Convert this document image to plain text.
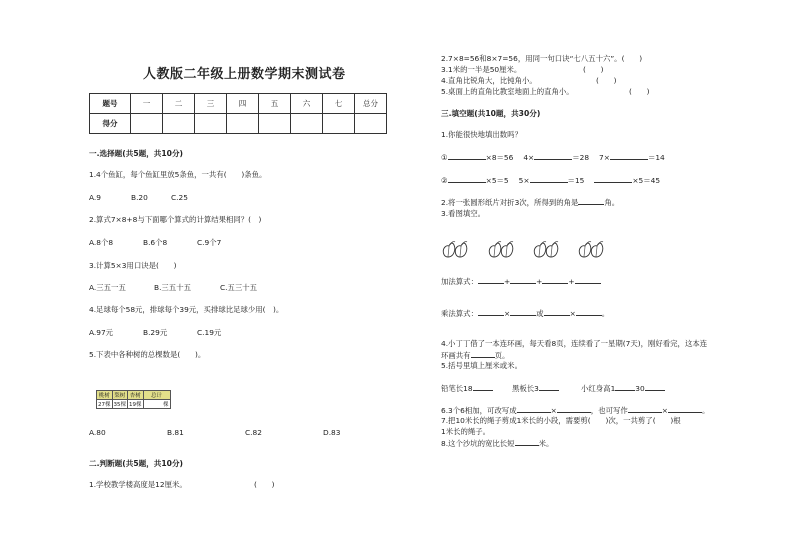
人教版二年级上册数学期末测试卷
题号	一	二	三	四	五	六	七	总分
得分								
一.选择题(共5题，共10分)
1.4个鱼缸，每个鱼缸里放5条鱼，一共有(　　)条鱼。
A.9	B.20	C.25
2.算式7×8+8与下面哪个算式的计算结果相同？(　)
A.8个8	B.6个8	C.9个7
3.计算5×3用口诀是(　　)
A.三五一五	B.三五十五	C.五三十五
4.足球每个58元，排球每个39元，买排球比足球少用(　)。
A.97元	B.29元	C.19元
5.下表中各种树的总棵数是(　　)。
桃树	梨树	杏树	总计
27棵	35棵	19棵	棵
A.80	B.81	C.82	D.83
二.判断题(共5题，共10分)
1.学校教学楼高度是12厘米。	(　　)
2.7×8=56和8×7=56，用同一句口诀“七八五十六”。(　　)
3.1米的一半是50厘米。	(　　)
4.直角比锐角大，比钝角小。	(　　)
5.桌面上的直角比教室地面上的直角小。	(　　)
三.填空题(共10题，共30分)
1.你能很快地填出数吗？
①	×8＝56 4×	＝28 7×	＝14
②	×5＝5 5×	＝15	×5＝45
2.将一张圆形纸片对折3次，所得到的角是	角。
3.看图填空。
加法算式：	+	+	+
乘法算式：	×	或	×	。
4.小丁丁借了一本连环画，每天看8页，连续看了一星期(7天)，刚好看完，这本连
环画共有	页。
5.括号里填上厘米或米。
铅笔长18	黑板长3	小红身高1	30
6.3个6相加，可改写成	×	，也可写作	×	。
7.把10米长的绳子剪成1米长的小段，需要剪(　　)次，一共剪了(　　)根
1米长的绳子。
8.这个沙坑的宽比长短	米。
